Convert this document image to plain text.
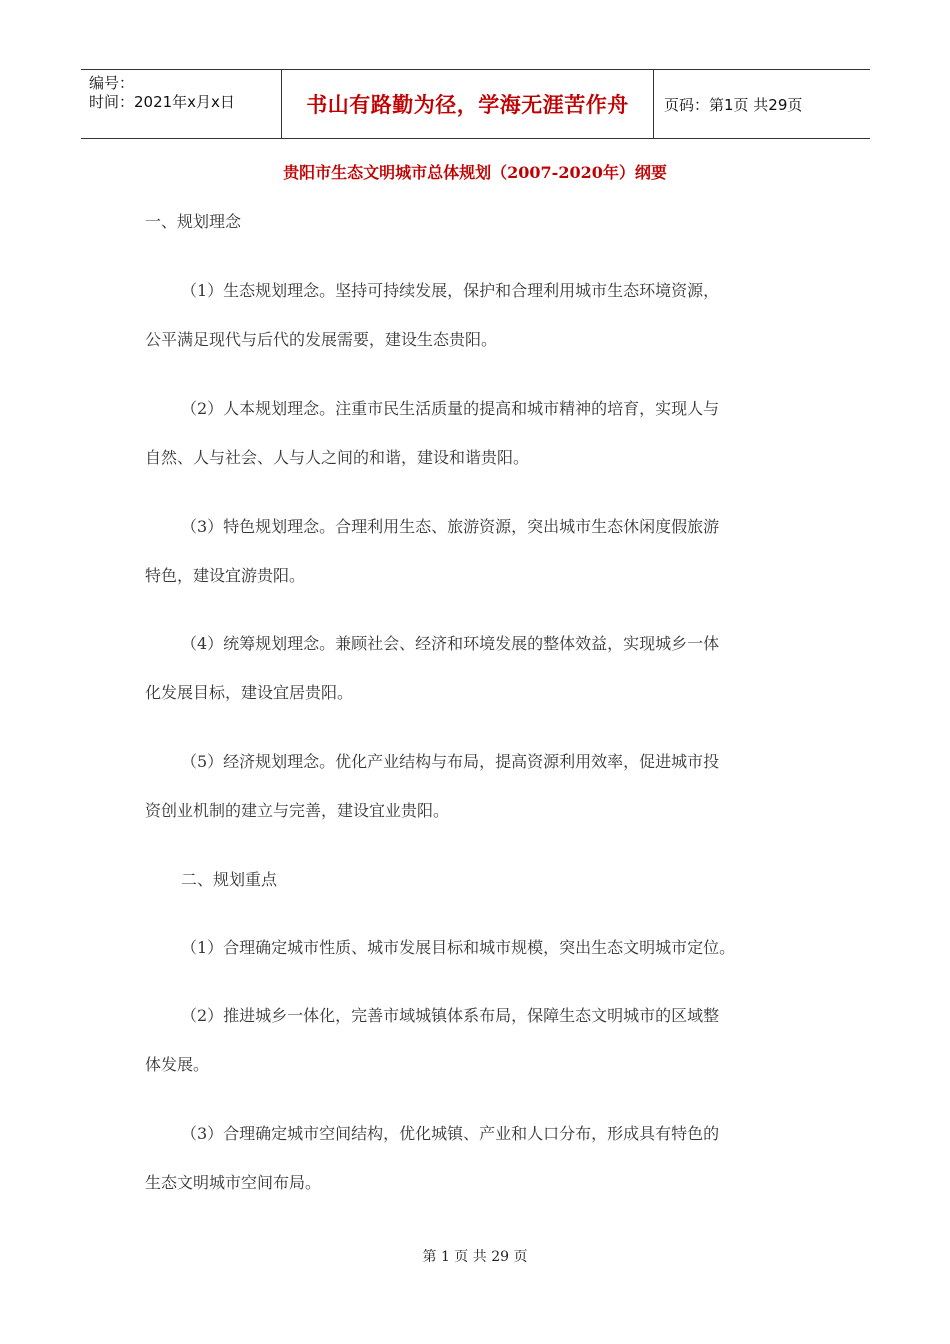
编号：
时间：2021年x月x日	书山有路勤为径，学海无涯苦作舟 页码：第1页 共29页
贵阳市生态文明城市总体规划（2007-2020年）纲要
一、规划理念
（1）生态规划理念。坚持可持续发展，保护和合理利用城市生态环境资源，
公平满足现代与后代的发展需要，建设生态贵阳。
（2）人本规划理念。注重市民生活质量的提高和城市精神的培育，实现人与
自然、人与社会、人与人之间的和谐，建设和谐贵阳。
（3）特色规划理念。合理利用生态、旅游资源，突出城市生态休闲度假旅游
特色，建设宜游贵阳。
（4）统筹规划理念。兼顾社会、经济和环境发展的整体效益，实现城乡一体
化发展目标，建设宜居贵阳。
（5）经济规划理念。优化产业结构与布局，提高资源利用效率，促进城市投
资创业机制的建立与完善，建设宜业贵阳。
二、规划重点
（1）合理确定城市性质、城市发展目标和城市规模，突出生态文明城市定位。
（2）推进城乡一体化，完善市域城镇体系布局，保障生态文明城市的区域整
体发展。
（3）合理确定城市空间结构，优化城镇、产业和人口分布，形成具有特色的
生态文明城市空间布局。
第 1 页 共 29 页
